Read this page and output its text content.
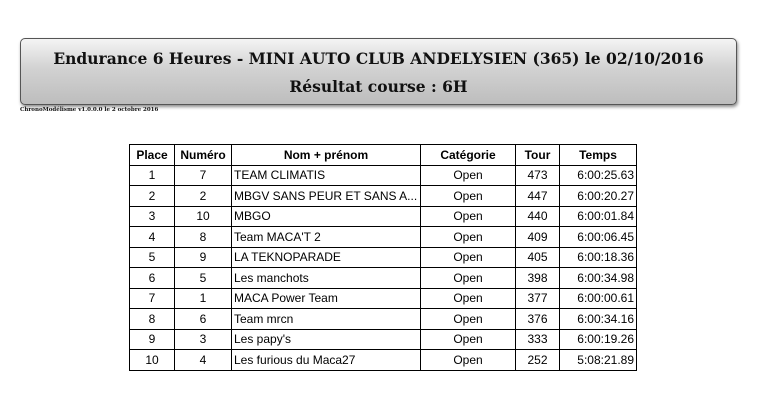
Endurance 6 Heures - MINI AUTO CLUB ANDELYSIEN (365) le 02/10/2016
Résultat course : 6H
ChronoModélisme v1.0.0.0 le 2 octobre 2016
Place	Numéro	Nom + prénom	Catégorie	Tour	Temps
1	7	TEAM CLIMATIS	Open	473	6:00:25.63
2	2	MBGV SANS PEUR ET SANS A...	Open	447	6:00:20.27
3	10	MBGO	Open	440	6:00:01.84
4	8	Team MACA'T 2	Open	409	6:00:06.45
5	9	LA TEKNOPARADE	Open	405	6:00:18.36
6	5	Les manchots	Open	398	6:00:34.98
7	1	MACA Power Team	Open	377	6:00:00.61
8	6	Team mrcn	Open	376	6:00:34.16
9	3	Les papy's	Open	333	6:00:19.26
10	4	Les furious du Maca27	Open	252	5:08:21.89
